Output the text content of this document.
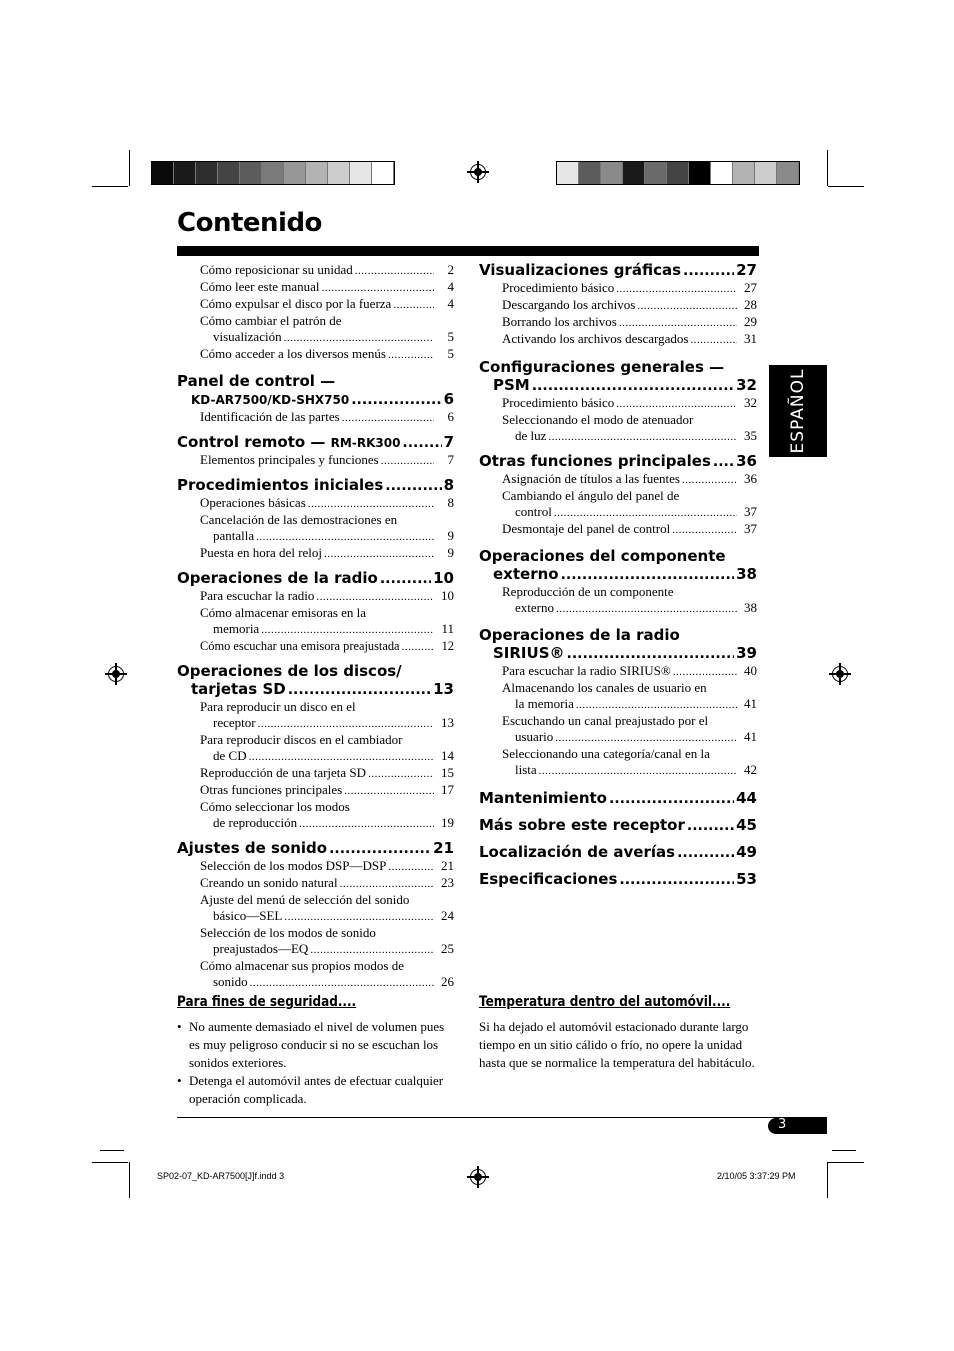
Contenido
ESPAÑOL
Cómo reposicionar su unidad .....	2
Cómo leer este manual .....	4
Cómo expulsar el disco por la fuerza .....	4
Cómo cambiar el patrón de
visualización .....	5
Cómo acceder a los diversos menús .....	5
Panel de control —
KD-AR7500/KD-SHX750 .....	6
Identificación de las partes .....	6
Control remoto —
RM-RK300 .....	7
Elementos principales y funciones .....	7
Procedimientos iniciales .....	8
Operaciones básicas .....	8
Cancelación de las demostraciones en
pantalla .....	9
Puesta en hora del reloj .....	9
Operaciones de la radio .....	10
Para escuchar la radio .....	10
Cómo almacenar emisoras en la
memoria .....	11
Cómo escuchar una emisora preajustada .....	12
Operaciones de los discos/
tarjetas SD .....	13
Para reproducir un disco en el
receptor .....	13
Para reproducir discos en el cambiador
de CD .....	14
Reproducción de una tarjeta SD .....	15
Otras funciones principales .....	17
Cómo seleccionar los modos
de reproducción .....	19
Ajustes de sonido .....	21
Selección de los modos DSP—DSP .....	21
Creando un sonido natural .....	23
Ajuste del menú de selección del sonido
básico—SEL .....	24
Selección de los modos de sonido
preajustados—EQ .....	25
Cómo almacenar sus propios modos de
sonido .....	26
Visualizaciones gráficas .....	27
Procedimiento básico .....	27
Descargando los archivos .....	28
Borrando los archivos .....	29
Activando los archivos descargados .....	31
Configuraciones generales —
PSM .....	32
Procedimiento básico .....	32
Seleccionando el modo de atenuador
de luz .....	35
Otras funciones principales ..... 36
Asignación de títulos a las fuentes .....	36
Cambiando el ángulo del panel de
control .....	37
Desmontaje del panel de control .....	37
Operaciones del componente
externo .....	38
Reproducción de un componente
externo .....	38
Operaciones de la radio
SIRIUS® .....	39
Para escuchar la radio SIRIUS® .....	40
Almacenando los canales de usuario en
la memoria .....	41
Escuchando un canal preajustado por el
usuario .....	41
Seleccionando una categoría/canal en la
lista .....	42
Mantenimiento .....	44
Más sobre este receptor .....	45
Localización de averías .....	49
Especificaciones .....	53
Para fines de seguridad....
• No aumente demasiado el nivel de volumen pues es muy peligroso conducir si no se escuchan los sonidos exteriores.
• Detenga el automóvil antes de efectuar cualquier operación complicada.
Temperatura dentro del automóvil....
Si ha dejado el automóvil estacionado durante largo tiempo en un sitio cálido o frío, no opere la unidad hasta que se normalice la temperatura del habitáculo.
3
SP02-07_KD-AR7500[J]f.indd 3	2/10/05 3:37:29 PM
